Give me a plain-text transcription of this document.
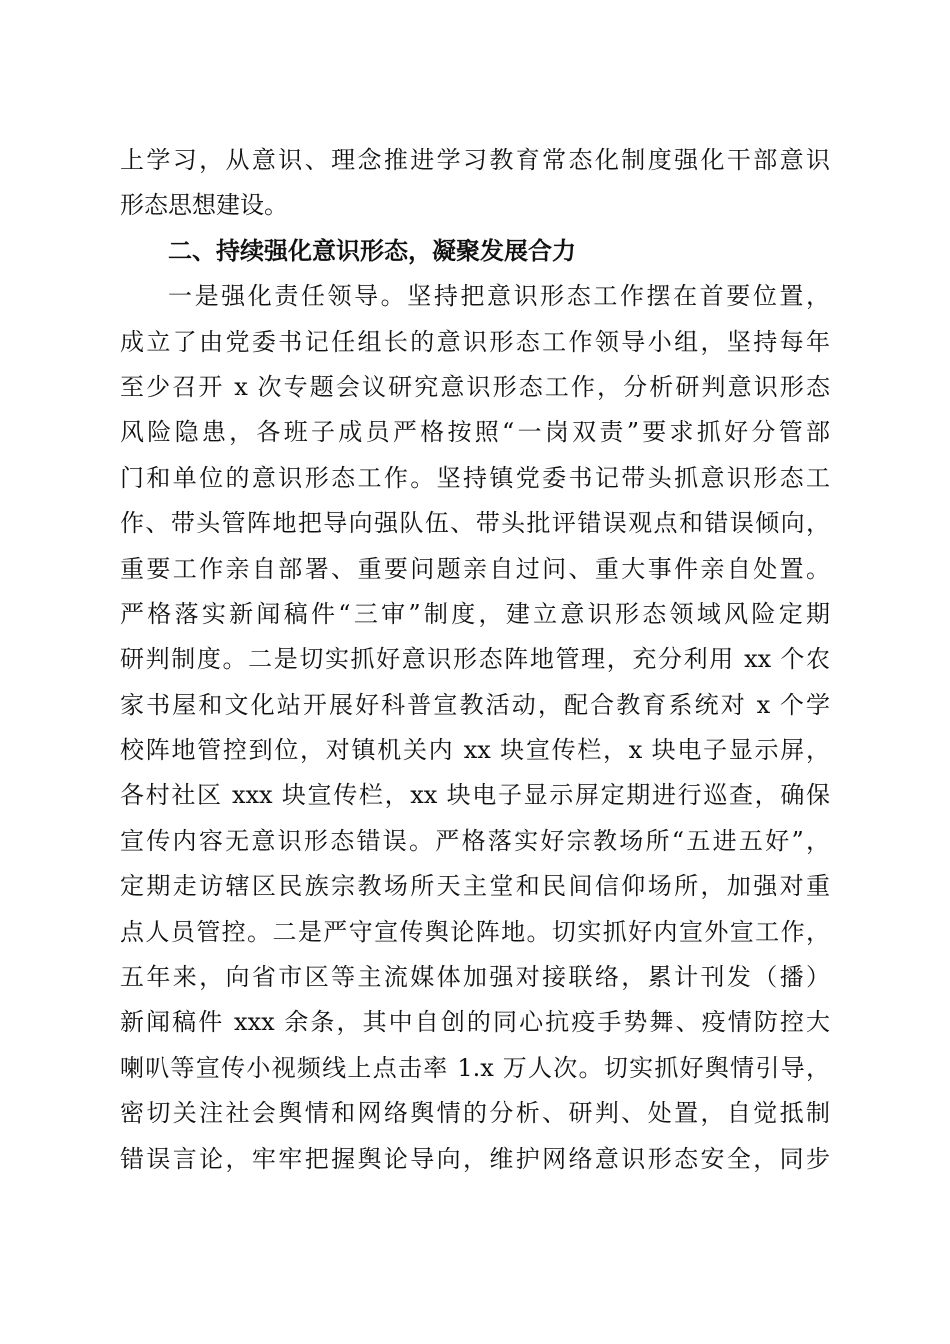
上学习，从意识、理念推进学习教育常态化制度强化干部意识
形态思想建设。
二、持续强化意识形态，凝聚发展合力
一是强化责任领导。坚持把意识形态工作摆在首要位置，
成立了由党委书记任组长的意识形态工作领导小组，坚持每年
至少召开 x 次专题会议研究意识形态工作，分析研判意识形态
风险隐患，各班子成员严格按照“一岗双责”要求抓好分管部
门和单位的意识形态工作。坚持镇党委书记带头抓意识形态工
作、带头管阵地把导向强队伍、带头批评错误观点和错误倾向，
重要工作亲自部署、重要问题亲自过问、重大事件亲自处置。
严格落实新闻稿件“三审”制度，建立意识形态领域风险定期
研判制度。二是切实抓好意识形态阵地管理，充分利用 xx 个农
家书屋和文化站开展好科普宣教活动，配合教育系统对 x 个学
校阵地管控到位，对镇机关内 xx 块宣传栏，x 块电子显示屏，
各村社区 xxx 块宣传栏，xx 块电子显示屏定期进行巡查，确保
宣传内容无意识形态错误。严格落实好宗教场所“五进五好”，
定期走访辖区民族宗教场所天主堂和民间信仰场所，加强对重
点人员管控。二是严守宣传舆论阵地。切实抓好内宣外宣工作，
五年来，向省市区等主流媒体加强对接联络，累计刊发（播）
新闻稿件 xxx 余条，其中自创的同心抗疫手势舞、疫情防控大
喇叭等宣传小视频线上点击率 1.x 万人次。切实抓好舆情引导，
密切关注社会舆情和网络舆情的分析、研判、处置，自觉抵制
错误言论，牢牢把握舆论导向，维护网络意识形态安全，同步
